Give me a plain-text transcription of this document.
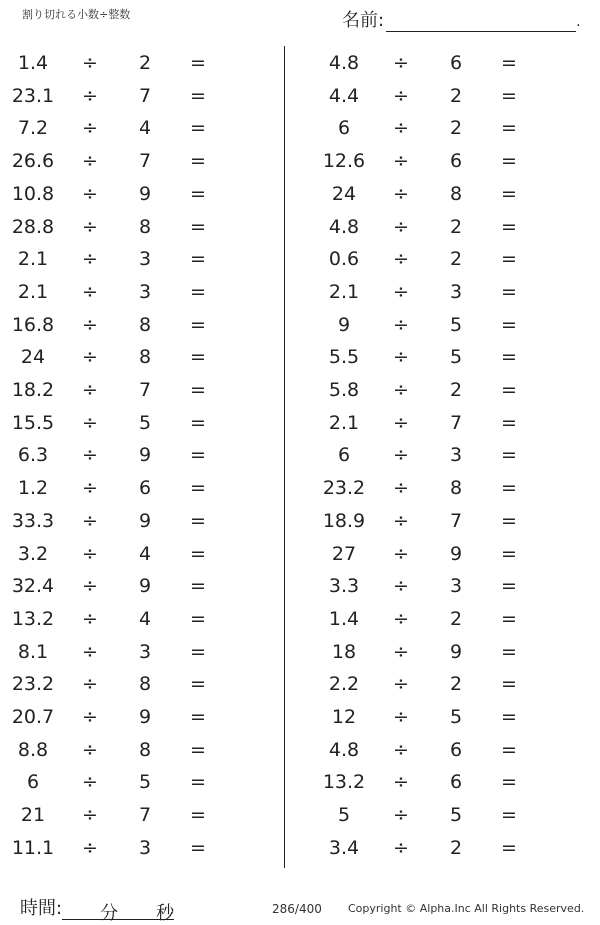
割り切れる小数÷整数	名前:	.
1.4	÷	2	=
23.1	÷	7	=
7.2	÷	4	=
26.6	÷	7	=
10.8	÷	9	=
28.8	÷	8	=
2.1	÷	3	=
2.1	÷	3	=
16.8	÷	8	=
24	÷	8	=
18.2	÷	7	=
15.5	÷	5	=
6.3	÷	9	=
1.2	÷	6	=
33.3	÷	9	=
3.2	÷	4	=
32.4	÷	9	=
13.2	÷	4	=
8.1	÷	3	=
23.2	÷	8	=
20.7	÷	9	=
8.8	÷	8	=
6	÷	5	=
21	÷	7	=
11.1	÷	3	=
4.8	÷	6	=
4.4	÷	2	=
6	÷	2	=
12.6	÷	6	=
24	÷	8	=
4.8	÷	2	=
0.6	÷	2	=
2.1	÷	3	=
9	÷	5	=
5.5	÷	5	=
5.8	÷	2	=
2.1	÷	7	=
6	÷	3	=
23.2	÷	8	=
18.9	÷	7	=
27	÷	9	=
3.3	÷	3	=
1.4	÷	2	=
18	÷	9	=
2.2	÷	2	=
12	÷	5	=
4.8	÷	6	=
13.2	÷	6	=
5	÷	5	=
3.4	÷	2	=
時間: 分 秒	286/400 Copyright © Alpha.Inc All Rights Reserved.
